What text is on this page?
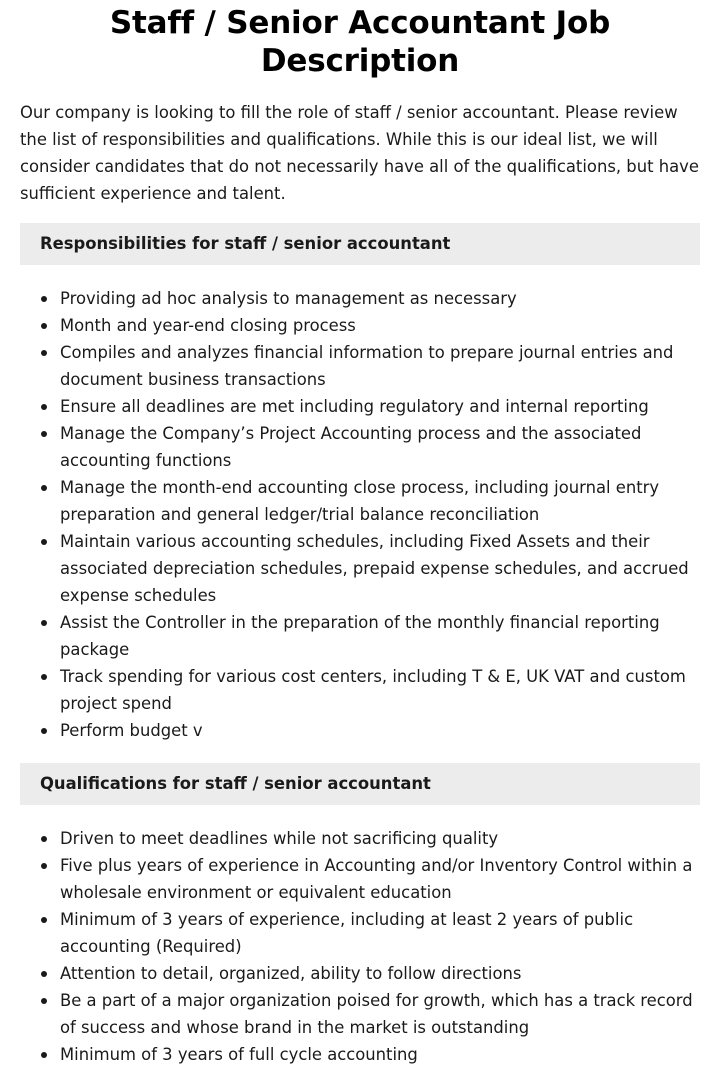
Staff / Senior Accountant Job Description

Our company is looking to fill the role of staff / senior accountant. Please review the list of responsibilities and qualifications. While this is our ideal list, we will consider candidates that do not necessarily have all of the qualifications, but have sufficient experience and talent.

Responsibilities for staff / senior accountant
Providing ad hoc analysis to management as necessary
Month and year-end closing process
Compiles and analyzes financial information to prepare journal entries and document business transactions
Ensure all deadlines are met including regulatory and internal reporting
Manage the Company’s Project Accounting process and the associated accounting functions
Manage the month-end accounting close process, including journal entry preparation and general ledger/trial balance reconciliation
Maintain various accounting schedules, including Fixed Assets and their associated depreciation schedules, prepaid expense schedules, and accrued expense schedules
Assist the Controller in the preparation of the monthly financial reporting package
Track spending for various cost centers, including T & E, UK VAT and custom project spend
Perform budget v
Qualifications for staff / senior accountant
Driven to meet deadlines while not sacrificing quality
Five plus years of experience in Accounting and/or Inventory Control within a wholesale environment or equivalent education
Minimum of 3 years of experience, including at least 2 years of public accounting (Required)
Attention to detail, organized, ability to follow directions
Be a part of a major organization poised for growth, which has a track record of success and whose brand in the market is outstanding
Minimum of 3 years of full cycle accounting
